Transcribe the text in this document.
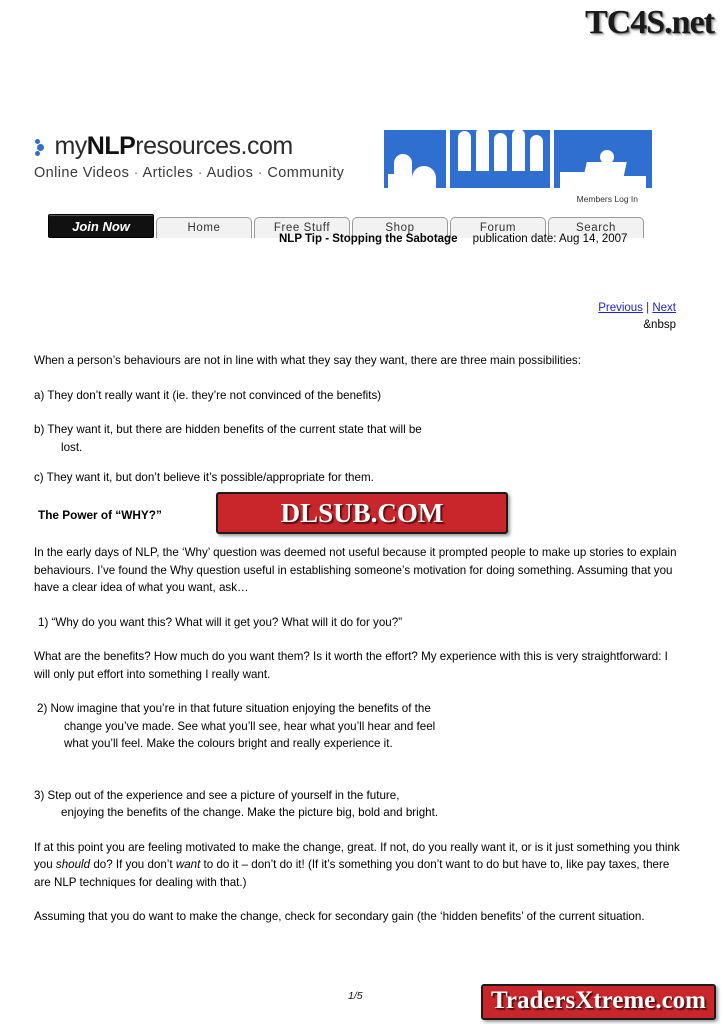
TC4S.net
myNLPresources.com
Online Videos · Articles · Audios · Community
Members Log In
Join Now	Home	Free Stuff	Shop	Forum	Search
NLP Tip - Stopping the Sabotage publication date: Aug 14, 2007
Previous | Next
&nbsp

When a person’s behaviours are not in line with what they say they want, there are three main possibilities:

a) They don’t really want it (ie. they’re not convinced of the benefits)

b) They want it, but there are hidden benefits of the current state that will be
lost.

c) They want it, but don’t believe it’s possible/appropriate for them.

The Power of “WHY?”

In the early days of NLP, the ‘Why’ question was deemed not useful because it prompted people to make up stories to explain behaviours. I’ve found the Why question useful in establishing someone’s motivation for doing something. Assuming that you have a clear idea of what you want, ask…

1) “Why do you want this? What will it get you? What will it do for you?”

What are the benefits? How much do you want them? Is it worth the effort? My experience with this is very straightforward: I will only put effort into something I really want.

2) Now imagine that you’re in that future situation enjoying the benefits of the
change you’ve made. See what you’ll see, hear what you’ll hear and feel
what you’ll feel. Make the colours bright and really experience it.

3) Step out of the experience and see a picture of yourself in the future,
enjoying the benefits of the change. Make the picture big, bold and bright.

If at this point you are feeling motivated to make the change, great. If not, do you really want it, or is it just something you think you should do? If you don’t want to do it – don’t do it! (If it’s something you don’t want to do but have to, like pay taxes, there are NLP techniques for dealing with that.)

Assuming that you do want to make the change, check for secondary gain (the ‘hidden benefits’ of the current situation.

DLSUB.COM
1/5	TradersXtreme.com
